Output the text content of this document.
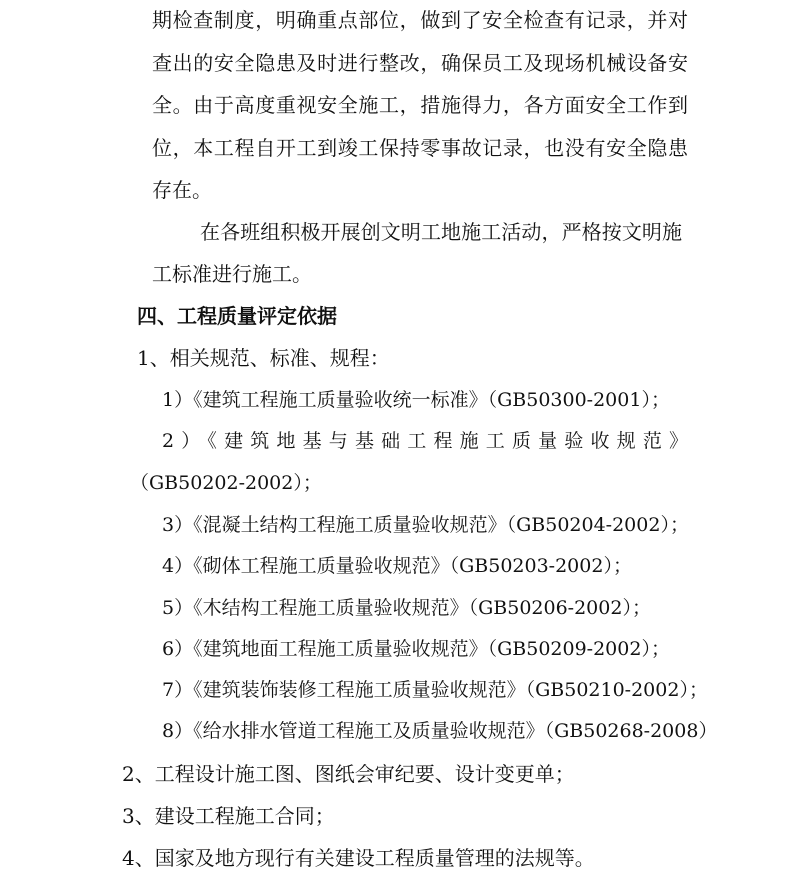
期检查制度，明确重点部位，做到了安全检查有记录，并对
查出的安全隐患及时进行整改，确保员工及现场机械设备安
全。由于高度重视安全施工，措施得力，各方面安全工作到
位，本工程自开工到竣工保持零事故记录，也没有安全隐患
存在。
在各班组积极开展创文明工地施工活动，严格按文明施
工标准进行施工。
四、工程质量评定依据
1、相关规范、标准、规程：
1）《建筑工程施工质量验收统一标准》（GB50300-2001）；
2）《建筑地基与基础工程施工质量验收规范》
（GB50202-2002）；
3）《混凝土结构工程施工质量验收规范》（GB50204-2002）；
4）《砌体工程施工质量验收规范》（GB50203-2002）；
5）《木结构工程施工质量验收规范》（GB50206-2002）；
6）《建筑地面工程施工质量验收规范》（GB50209-2002）；
7）《建筑装饰装修工程施工质量验收规范》（GB50210-2002）；
8）《给水排水管道工程施工及质量验收规范》（GB50268-2008）
2、工程设计施工图、图纸会审纪要、设计变更单；
3、建设工程施工合同；
4、国家及地方现行有关建设工程质量管理的法规等。
